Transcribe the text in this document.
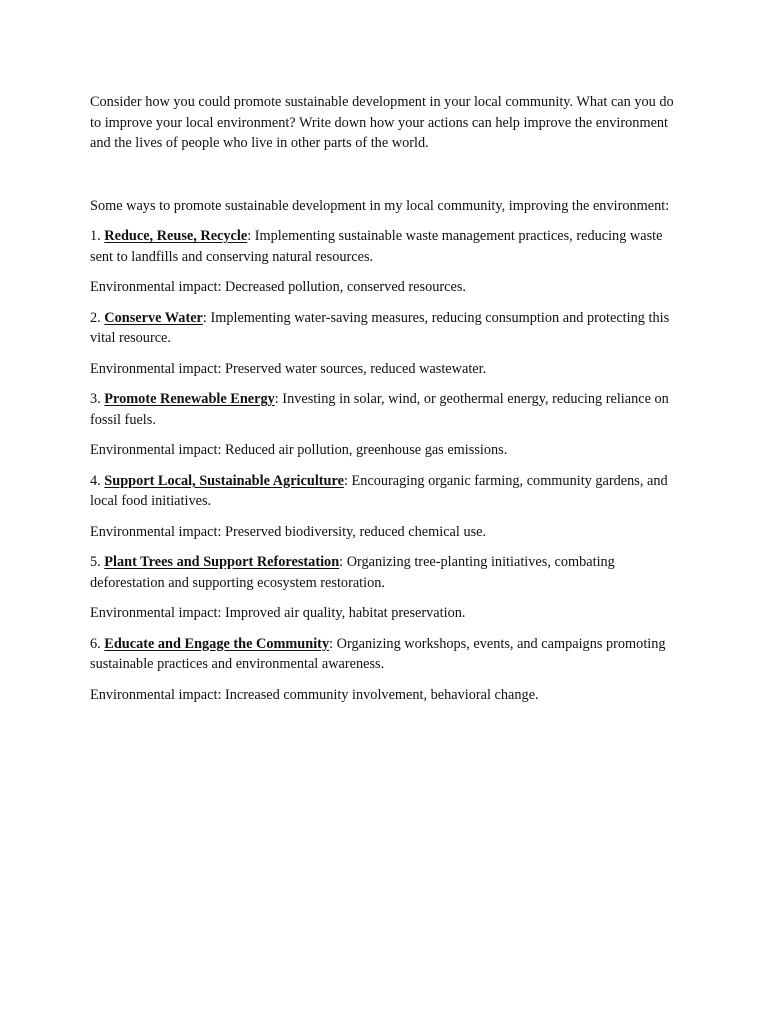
Consider how you could promote sustainable development in your local community. What can you do to improve your local environment? Write down how your actions can help improve the environment and the lives of people who live in other parts of the world.

Some ways to promote sustainable development in my local community, improving the environment:

1. Reduce, Reuse, Recycle: Implementing sustainable waste management practices, reducing waste sent to landfills and conserving natural resources.

Environmental impact: Decreased pollution, conserved resources.

2. Conserve Water: Implementing water-saving measures, reducing consumption and protecting this vital resource.

Environmental impact: Preserved water sources, reduced wastewater.

3. Promote Renewable Energy: Investing in solar, wind, or geothermal energy, reducing reliance on fossil fuels.

Environmental impact: Reduced air pollution, greenhouse gas emissions.

4. Support Local, Sustainable Agriculture: Encouraging organic farming, community gardens, and local food initiatives.

Environmental impact: Preserved biodiversity, reduced chemical use.

5. Plant Trees and Support Reforestation: Organizing tree-planting initiatives, combating deforestation and supporting ecosystem restoration.

Environmental impact: Improved air quality, habitat preservation.

6. Educate and Engage the Community: Organizing workshops, events, and campaigns promoting sustainable practices and environmental awareness.

Environmental impact: Increased community involvement, behavioral change.
